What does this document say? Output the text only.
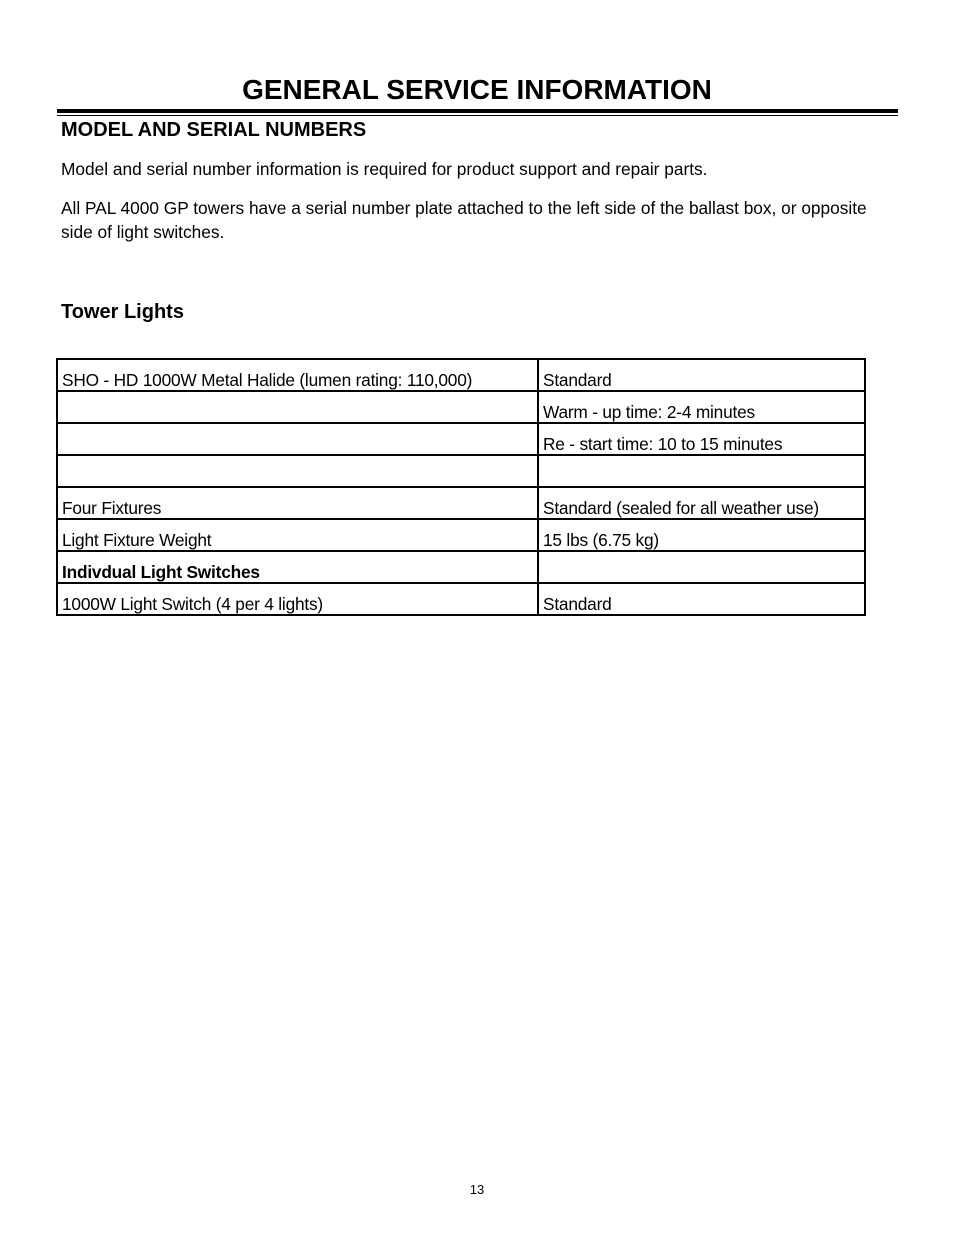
GENERAL SERVICE INFORMATION
MODEL AND SERIAL NUMBERS

Model and serial number information is required for product support and repair parts.

All PAL 4000 GP towers have a serial number plate attached to the left side of the ballast box, or opposite side of light switches.

Tower Lights
SHO - HD 1000W Metal Halide (lumen rating: 110,000)	Standard
	Warm - up time: 2-4 minutes
	Re - start time: 10 to 15 minutes

Four Fixtures	Standard (sealed for all weather use)
Light Fixture Weight	15 lbs (6.75 kg)
Indivdual Light Switches	
1000W Light Switch (4 per 4 lights)	Standard
13
